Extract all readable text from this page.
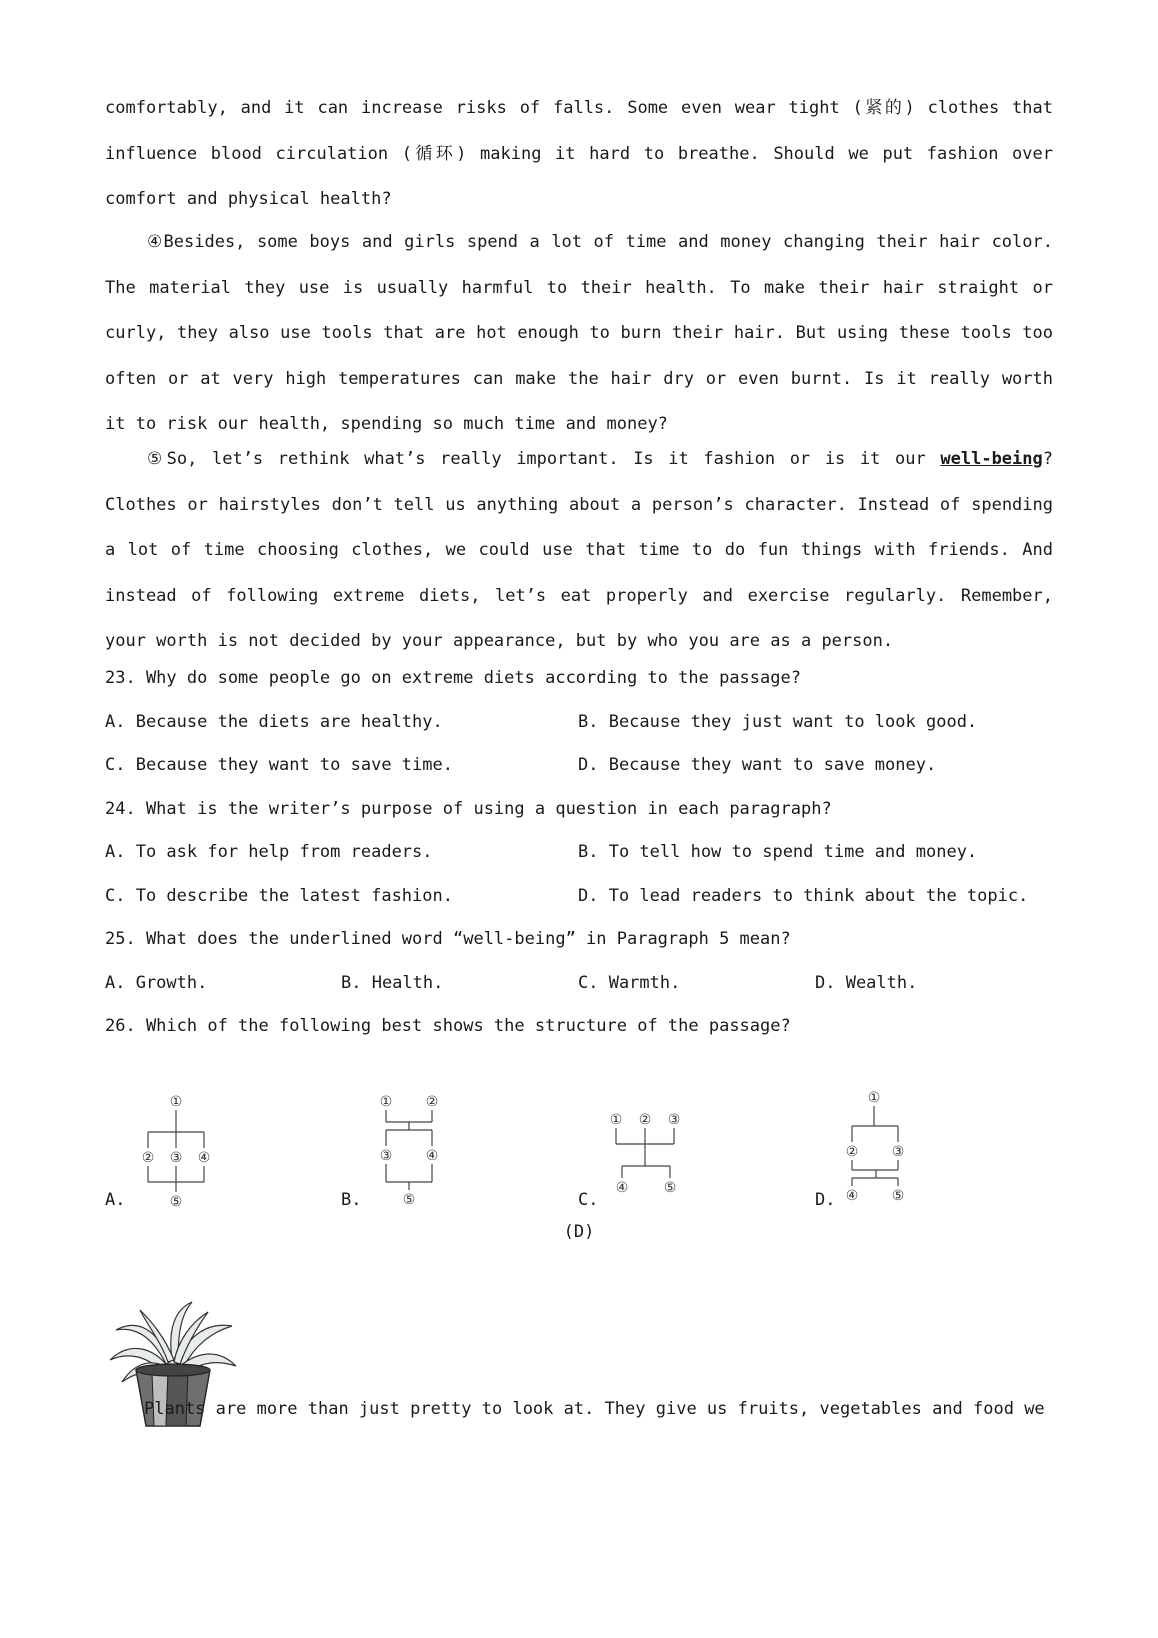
comfortably, and it can increase risks of falls. Some even wear tight (紧的) clothes that influence blood circulation (循环) making it hard to breathe. Should we put fashion over comfort and physical health?

④Besides, some boys and girls spend a lot of time and money changing their hair color. The material they use is usually harmful to their health. To make their hair straight or curly, they also use tools that are hot enough to burn their hair. But using these tools too often or at very high temperatures can make the hair dry or even burnt. Is it really worth it to risk our health, spending so much time and money?

⑤So, let’s rethink what’s really important. Is it fashion or is it our well-being? Clothes or hairstyles don’t tell us anything about a person’s character. Instead of spending a lot of time choosing clothes, we could use that time to do fun things with friends. And instead of following extreme diets, let’s eat properly and exercise regularly. Remember, your worth is not decided by your appearance, but by who you are as a person.

23. Why do some people go on extreme diets according to the passage?

A. Because the diets are healthy.	B. Because they just want to look good.

C. Because they want to save time.	D. Because they want to save money.

24. What is the writer’s purpose of using a question in each paragraph?

A. To ask for help from readers.	B. To tell how to spend time and money.

C. To describe the latest fashion.	D. To lead readers to think about the topic.

25. What does the underlined word “well-being” in Paragraph 5 mean?

A. Growth.	B. Health.	C. Warmth.	D. Wealth.

26. Which of the following best shows the structure of the passage?

①
② ③ ④
⑤

A.

① ②
③ ④
⑤

B.

① ② ③
④	⑤

C.

①
② ③
④ ⑤

D.

(D)

Plants are more than just pretty to look at. They give us fruits, vegetables and food we
